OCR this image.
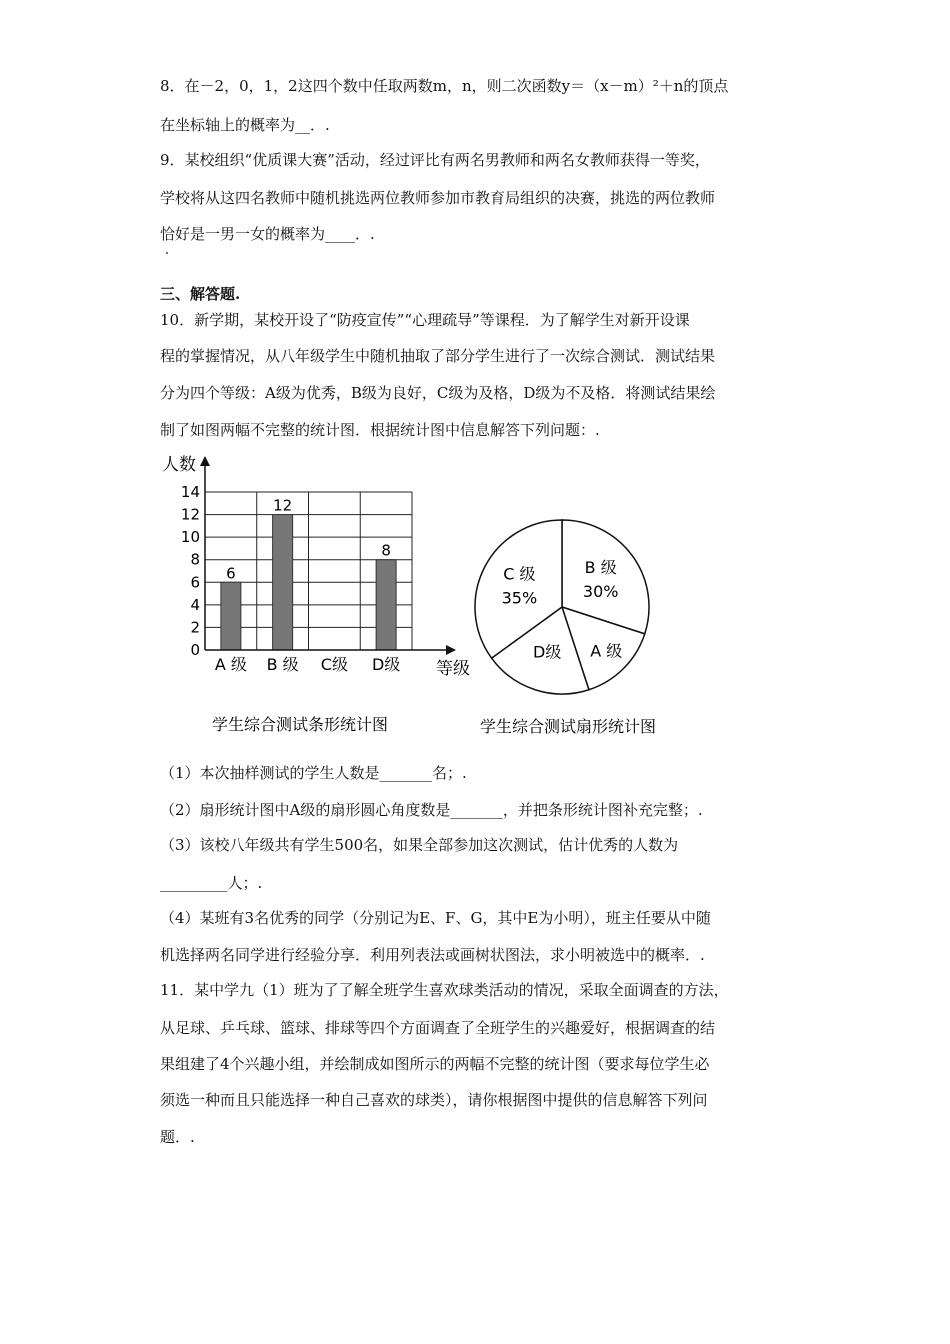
8．在－2，0，1，2这四个数中任取两数m，n，则二次函数y＝（x－m）²＋n的顶点
在坐标轴上的概率为__．.
9．某校组织“优质课大赛”活动，经过评比有两名男教师和两名女教师获得一等奖，
学校将从这四名教师中随机挑选两位教师参加市教育局组织的决赛，挑选的两位教师
恰好是一男一女的概率为____．.
三、解答题.
10．新学期，某校开设了“防疫宣传”“心理疏导”等课程．为了解学生对新开设课
程的掌握情况，从八年级学生中随机抽取了部分学生进行了一次综合测试．测试结果
分为四个等级：A级为优秀，B级为良好，C级为及格，D级为不及格．将测试结果绘
制了如图两幅不完整的统计图．根据统计图中信息解答下列问题：.
0
2
4
6
8
10
12
14
6
A 级
12
B 级 C级
8
D级
人数
等级
学生综合测试条形统计图
B 级
30%
A 级
D级
C 级
35%
学生综合测试扇形统计图
（1）本次抽样测试的学生人数是_______名；.
（2）扇形统计图中A级的扇形圆心角度数是_______，并把条形统计图补充完整；.
（3）该校八年级共有学生500名，如果全部参加这次测试，估计优秀的人数为
_________人；.
（4）某班有3名优秀的同学（分别记为E、F、G，其中E为小明），班主任要从中随
机选择两名同学进行经验分享．利用列表法或画树状图法，求小明被选中的概率．.
11．某中学九（1）班为了了解全班学生喜欢球类活动的情况，采取全面调查的方法，
从足球、乒乓球、篮球、排球等四个方面调查了全班学生的兴趣爱好，根据调查的结
果组建了4个兴趣小组，并绘制成如图所示的两幅不完整的统计图（要求每位学生必
须选一种而且只能选择一种自己喜欢的球类），请你根据图中提供的信息解答下列问
题．.
